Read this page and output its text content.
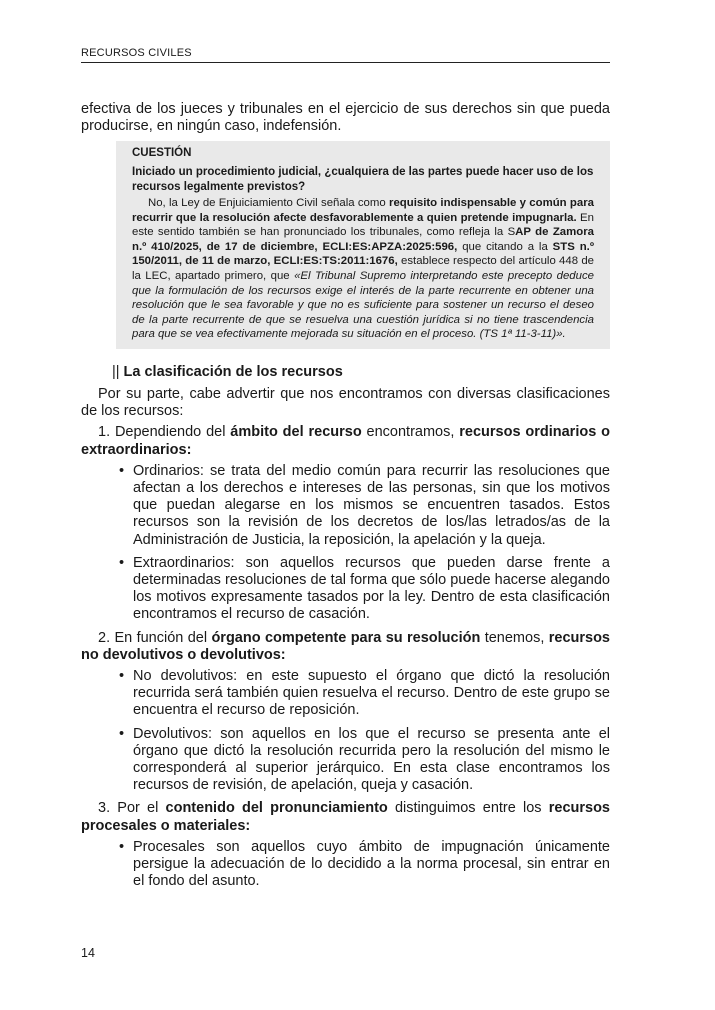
RECURSOS CIVILES

efectiva de los jueces y tribunales en el ejercicio de sus derechos sin que pueda producirse, en ningún caso, indefensión.

CUESTIÓN
Iniciado un procedimiento judicial, ¿cualquiera de las partes puede hacer uso de los recursos legalmente previstos?

No, la Ley de Enjuiciamiento Civil señala como requisito indispensable y común para recurrir que la resolución afecte desfavorablemente a quien pretende impugnarla. En este sentido también se han pronunciado los tribunales, como refleja la SAP de Zamora n.º 410/2025, de 17 de diciembre, ECLI:ES:APZA:2025:596, que citando a la STS n.º 150/2011, de 11 de marzo, ECLI:ES:TS:2011:1676, establece respecto del artículo 448 de la LEC, apartado primero, que «El Tribunal Supremo interpretando este precepto deduce que la formulación de los recursos exige el interés de la parte recurrente en obtener una resolución que le sea favorable y que no es suficiente para sostener un recurso el deseo de la parte recurrente de que se resuelva una cuestión jurídica si no tiene trascendencia para que se vea efectivamente mejorada su situación en el proceso. (TS 1ª 11-3-11)».

|| La clasificación de los recursos

Por su parte, cabe advertir que nos encontramos con diversas clasificaciones de los recursos:

1. Dependiendo del ámbito del recurso encontramos, recursos ordinarios o extraordinarios:

• Ordinarios: se trata del medio común para recurrir las resoluciones que afectan a los derechos e intereses de las personas, sin que los motivos que puedan alegarse en los mismos se encuentren tasados. Estos recursos son la revisión de los decretos de los/las letrados/as de la Administración de Justicia, la reposición, la apelación y la queja.
• Extraordinarios: son aquellos recursos que pueden darse frente a determinadas resoluciones de tal forma que sólo puede hacerse alegando los motivos expresamente tasados por la ley. Dentro de esta clasificación encontramos el recurso de casación.

2. En función del órgano competente para su resolución tenemos, recursos no devolutivos o devolutivos:

• No devolutivos: en este supuesto el órgano que dictó la resolución recurrida será también quien resuelva el recurso. Dentro de este grupo se encuentra el recurso de reposición.
• Devolutivos: son aquellos en los que el recurso se presenta ante el órgano que dictó la resolución recurrida pero la resolución del mismo le corresponderá al superior jerárquico. En esta clase encontramos los recursos de revisión, de apelación, queja y casación.

3. Por el contenido del pronunciamiento distinguimos entre los recursos procesales o materiales:

• Procesales son aquellos cuyo ámbito de impugnación únicamente persigue la adecuación de lo decidido a la norma procesal, sin entrar en el fondo del asunto.
14
